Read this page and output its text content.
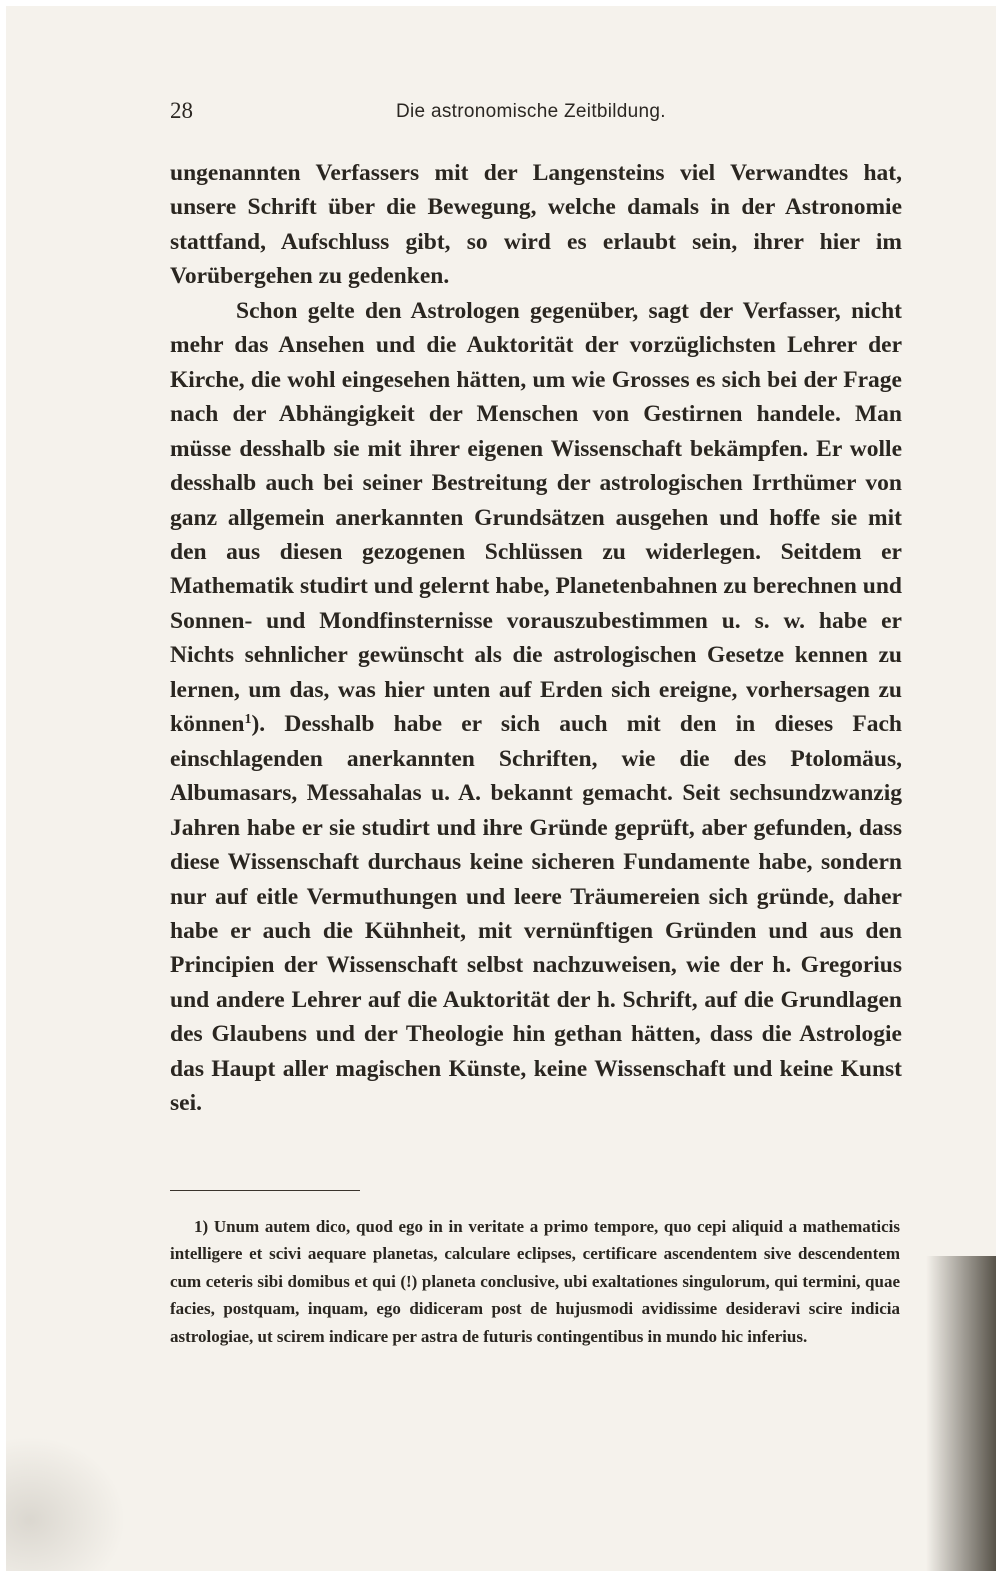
28	Die astronomische Zeitbildung.

ungenannten Verfassers mit der Langensteins viel Verwandtes hat, unsere Schrift über die Bewegung, welche damals in der Astronomie stattfand, Aufschluss gibt, so wird es erlaubt sein, ihrer hier im Vorübergehen zu gedenken.

Schon gelte den Astrologen gegenüber, sagt der Verfasser, nicht mehr das Ansehen und die Auktorität der vorzüglichsten Lehrer der Kirche, die wohl eingesehen hätten, um wie Grosses es sich bei der Frage nach der Abhängigkeit der Menschen von Gestirnen handele. Man müsse desshalb sie mit ihrer eigenen Wissenschaft bekämpfen. Er wolle desshalb auch bei seiner Bestreitung der astrologischen Irrthümer von ganz allgemein anerkannten Grundsätzen ausgehen und hoffe sie mit den aus diesen gezogenen Schlüssen zu widerlegen. Seitdem er Mathematik studirt und gelernt habe, Planetenbahnen zu berechnen und Sonnen- und Mondfinsternisse vorauszubestimmen u. s. w. habe er Nichts sehnlicher gewünscht als die astrologischen Gesetze kennen zu lernen, um das, was hier unten auf Erden sich ereigne, vorhersagen zu können$^1$). Desshalb habe er sich auch mit den in dieses Fach einschlagenden anerkannten Schriften, wie die des Ptolomäus, Albumasars, Messahalas u. A. bekannt gemacht. Seit sechsundzwanzig Jahren habe er sie studirt und ihre Gründe geprüft, aber gefunden, dass diese Wissenschaft durchaus keine sicheren Fundamente habe, sondern nur auf eitle Vermuthungen und leere Träumereien sich gründe, daher habe er auch die Kühnheit, mit vernünftigen Gründen und aus den Principien der Wissenschaft selbst nachzuweisen, wie der h. Gregorius und andere Lehrer auf die Auktorität der h. Schrift, auf die Grundlagen des Glaubens und der Theologie hin gethan hätten, dass die Astrologie das Haupt aller magischen Künste, keine Wissenschaft und keine Kunst sei.

1) Unum autem dico, quod ego in in veritate a primo tempore, quo cepi aliquid a mathematicis intelligere et scivi aequare planetas, calculare eclipses, certificare ascendentem sive descendentem cum ceteris sibi domibus et qui (!) planeta conclusive, ubi exaltationes singulorum, qui termini, quae facies, postquam, inquam, ego didiceram post de hujusmodi avidissime desideravi scire indicia astrologiae, ut scirem indicare per astra de futuris contingentibus in mundo hic inferius.
